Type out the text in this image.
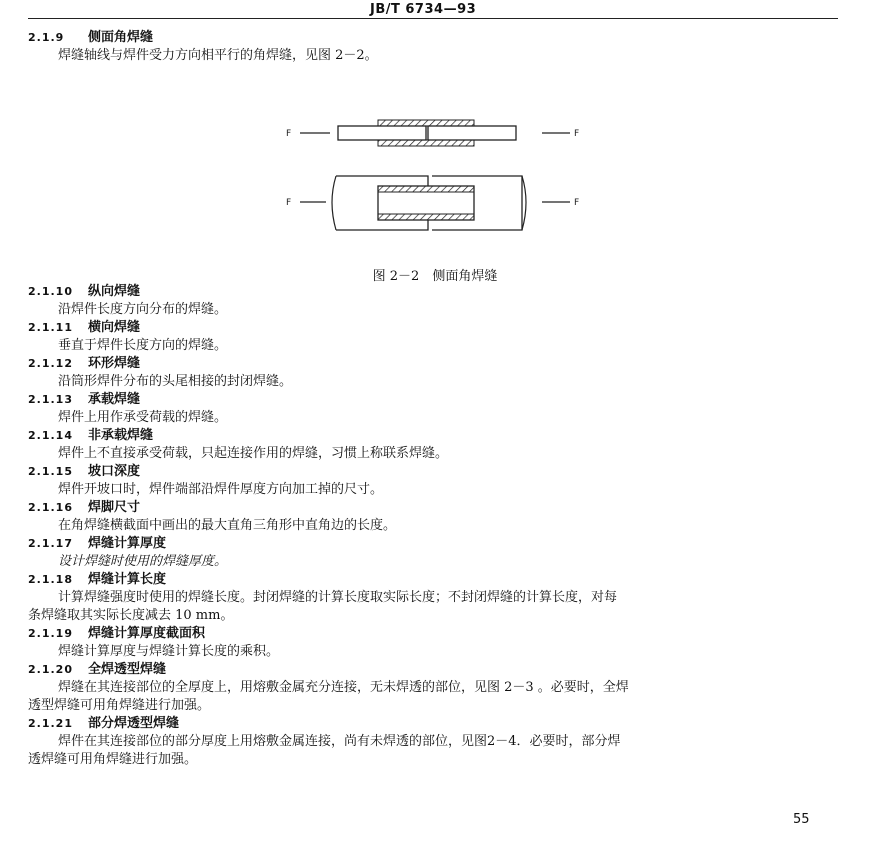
JB/T 6734—93
2.1.9 侧面角焊缝
焊缝轴线与焊件受力方向相平行的角焊缝，见图 2－2。
F	F
F	F
图 2－2　侧面角焊缝
2.1.10 纵向焊缝
沿焊件长度方向分布的焊缝。
2.1.11 横向焊缝
垂直于焊件长度方向的焊缝。
2.1.12 环形焊缝
沿筒形焊件分布的头尾相接的封闭焊缝。
2.1.13 承载焊缝
焊件上用作承受荷载的焊缝。
2.1.14 非承载焊缝
焊件上不直接承受荷载，只起连接作用的焊缝，习惯上称联系焊缝。
2.1.15 坡口深度
焊件开坡口时，焊件端部沿焊件厚度方向加工掉的尺寸。
2.1.16 焊脚尺寸
在角焊缝横截面中画出的最大直角三角形中直角边的长度。
2.1.17 焊缝计算厚度
设计焊缝时使用的焊缝厚度。
2.1.18 焊缝计算长度
计算焊缝强度时使用的焊缝长度。封闭焊缝的计算长度取实际长度；不封闭焊缝的计算长度，对每
条焊缝取其实际长度减去 10 mm。
2.1.19 焊缝计算厚度截面积
焊缝计算厚度与焊缝计算长度的乘积。
2.1.20 全焊透型焊缝
焊缝在其连接部位的全厚度上，用熔敷金属充分连接，无未焊透的部位，见图 2－3 。必要时，全焊
透型焊缝可用角焊缝进行加强。
2.1.21 部分焊透型焊缝
焊件在其连接部位的部分厚度上用熔敷金属连接，尚有未焊透的部位，见图2－4．必要时，部分焊
透焊缝可用角焊缝进行加强。
55
